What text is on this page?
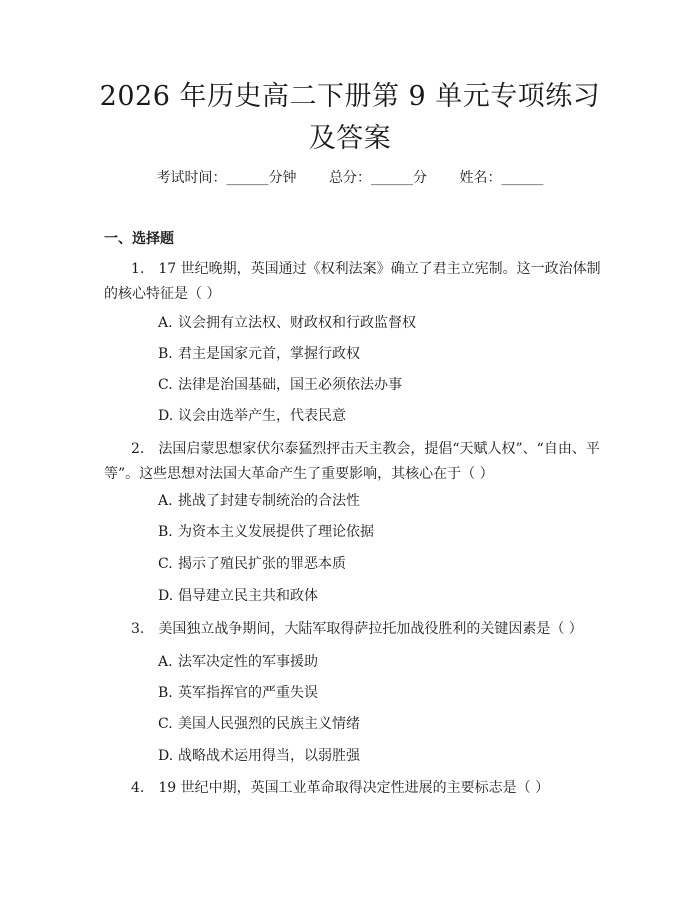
2026 年历史高二下册第 9 单元专项练习及答案
考试时间：______分钟 总分：______分 姓名：______
一、选择题
1. 17 世纪晚期，英国通过《权利法案》确立了君主立宪制。这一政治体制的核心特征是（ ）
A. 议会拥有立法权、财政权和行政监督权
B. 君主是国家元首，掌握行政权
C. 法律是治国基础，国王必须依法办事
D. 议会由选举产生，代表民意
2. 法国启蒙思想家伏尔泰猛烈抨击天主教会，提倡“天赋人权”、“自由、平等”。这些思想对法国大革命产生了重要影响，其核心在于（ ）
A. 挑战了封建专制统治的合法性
B. 为资本主义发展提供了理论依据
C. 揭示了殖民扩张的罪恶本质
D. 倡导建立民主共和政体
3. 美国独立战争期间，大陆军取得萨拉托加战役胜利的关键因素是（ ）
A. 法军决定性的军事援助
B. 英军指挥官的严重失误
C. 美国人民强烈的民族主义情绪
D. 战略战术运用得当，以弱胜强
4. 19 世纪中期，英国工业革命取得决定性进展的主要标志是（ ）
